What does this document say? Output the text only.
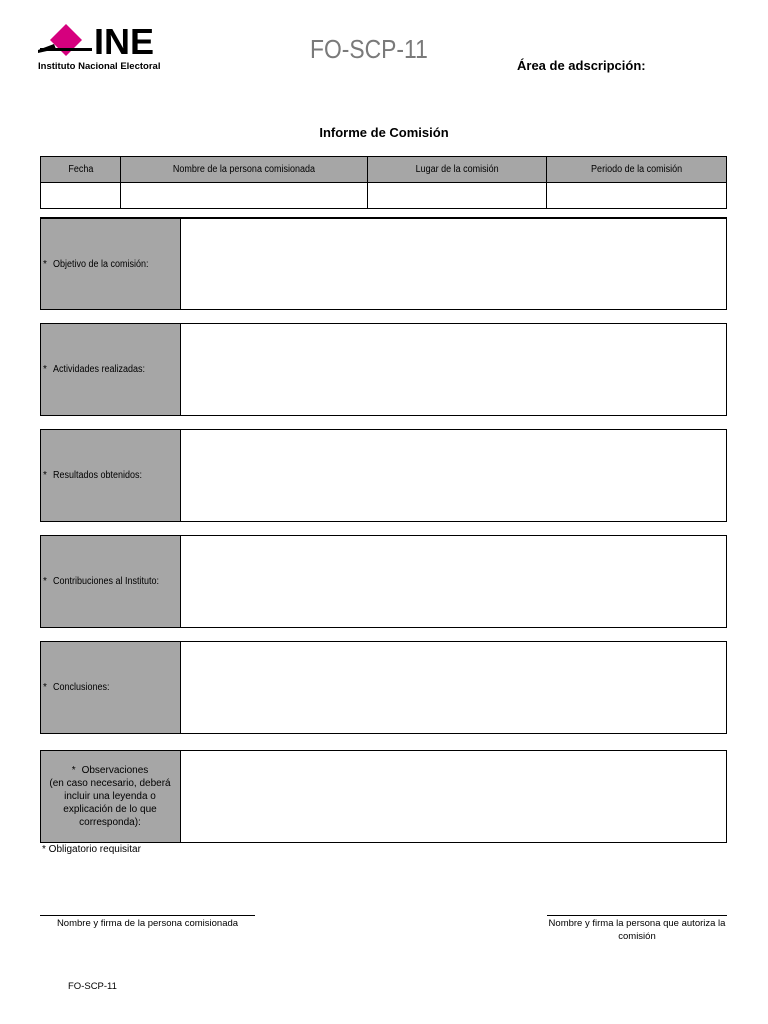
INE
Instituto Nacional Electoral
FO-SCP-11
Área de adscripción:
Informe de Comisión
Fecha	Nombre de la persona comisionada	Lugar de la comisión	Periodo de la comisión

* Objetivo de la comisión:
* Actividades realizadas:
* Resultados obtenidos:
* Contribuciones al Instituto:
* Conclusiones:
* Observaciones
(en caso necesario, deberá
incluir una leyenda o
explicación de lo que
corresponda):
* Obligatorio requisitar
Nombre y firma de la persona comisionada	Nombre y firma la persona que autoriza la
comisión
FO-SCP-11
